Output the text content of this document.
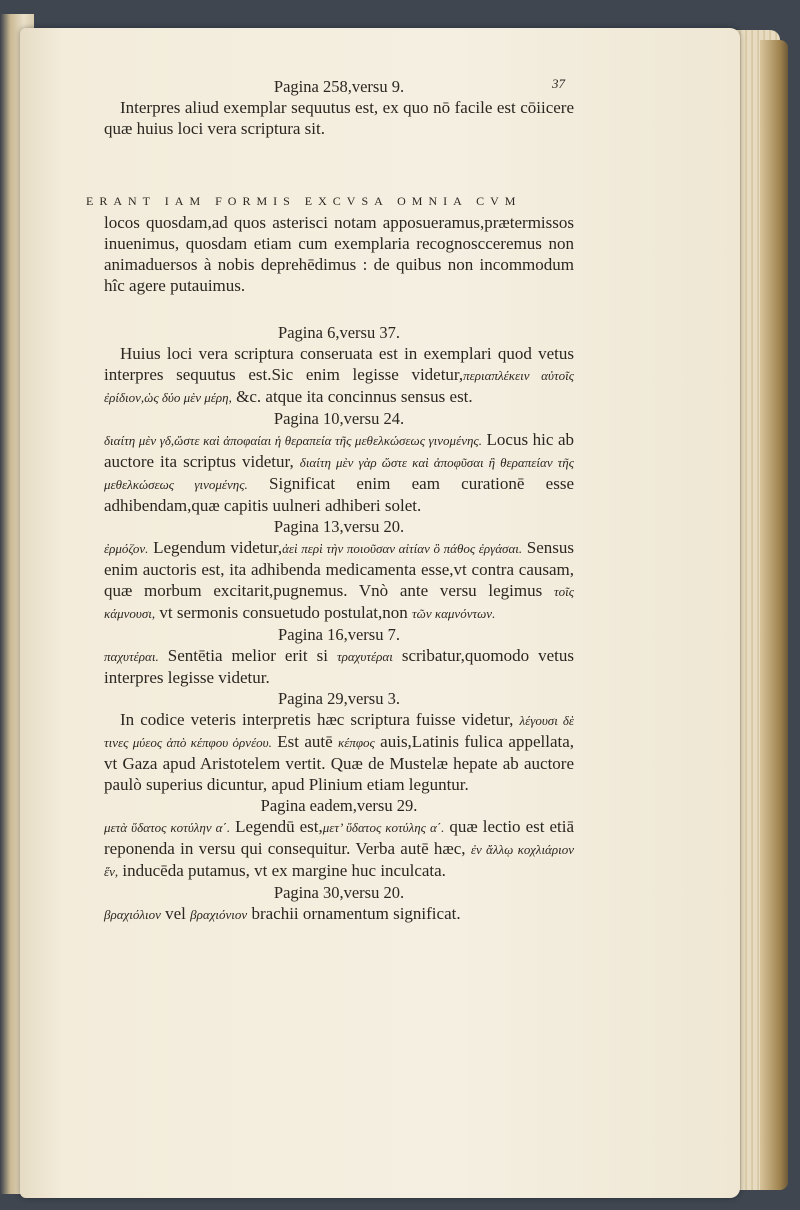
37

Pagina 258,versu 9.

Interpres aliud exemplar sequutus est, ex quo nō facile est cōiicere quæ huius loci vera scriptura sit.

ERANT IAM FORMIS EXCVSA OMNIA CVM

locos quosdam,ad quos asterisci notam apposueramus,prætermissos inuenimus, quosdam etiam cum exemplaria recognoscceremus non animaduersos à nobis deprehēdimus : de quibus non incommodum hîc agere putauimus.

Pagina 6,versu 37.

Huius loci vera scriptura conseruata est in exemplari quod vetus interpres sequutus est.Sic enim legisse videtur,περιαπλέκειν αὐτοῖς ἐρίδιον,ὡς δύο μὲν μέρη, &c. atque ita concinnus sensus est.

Pagina 10,versu 24.

διαίτη μὲν γδ,ὥστε καὶ ἀποφαίαι ἡ θεραπεία τῆς μεθελκώσεως γινομένης. Locus hic ab auctore ita scriptus videtur, διαίτη μὲν γὰρ ὥστε καὶ ἀποφῦσαι ἢ θεραπείαν τῆς μεθελκώσεως γινομένης. Significat enim eam curationē esse adhibendam,quæ capitis uulneri adhiberi solet.

Pagina 13,versu 20.

ἐρμόζον. Legendum videtur,ἀεὶ περὶ τὴν ποιοῦσαν αἰτίαν ὃ πάθος ἐργάσαι. Sensus enim auctoris est, ita adhibenda medicamenta esse,vt contra causam, quæ morbum excitarit,pugnemus. Vnò ante versu legimus τοῖς κάμνουσι, vt sermonis consuetudo postulat,non τῶν καμνόντων.

Pagina 16,versu 7.

παχυτέραι. Sentētia melior erit si τραχυτέραι scribatur,quomodo vetus interpres legisse videtur.

Pagina 29,versu 3.

In codice veteris interpretis hæc scriptura fuisse videtur, λέγουσι δὲ τινες μύεος ἀπὸ κέπφου ὀρνέου. Est autē κέπφος auis,Latinis fulica appellata, vt Gaza apud Aristotelem vertit. Quæ de Mustelæ hepate ab auctore paulò superius dicuntur, apud Plinium etiam leguntur.

Pagina eadem,versu 29.

μετὰ ὕδατος κοτύλην α΄. Legendū est,μετ’ ὕδατος κοτύλης α΄. quæ lectio est etiā reponenda in versu qui consequitur. Verba autē hæc, ἐν ἄλλῳ κοχλιάριον ἕν, inducēda putamus, vt ex margine huc inculcata.

Pagina 30,versu 20.

βραχιόλιον vel βραχιόνιον brachii ornamentum significat.
